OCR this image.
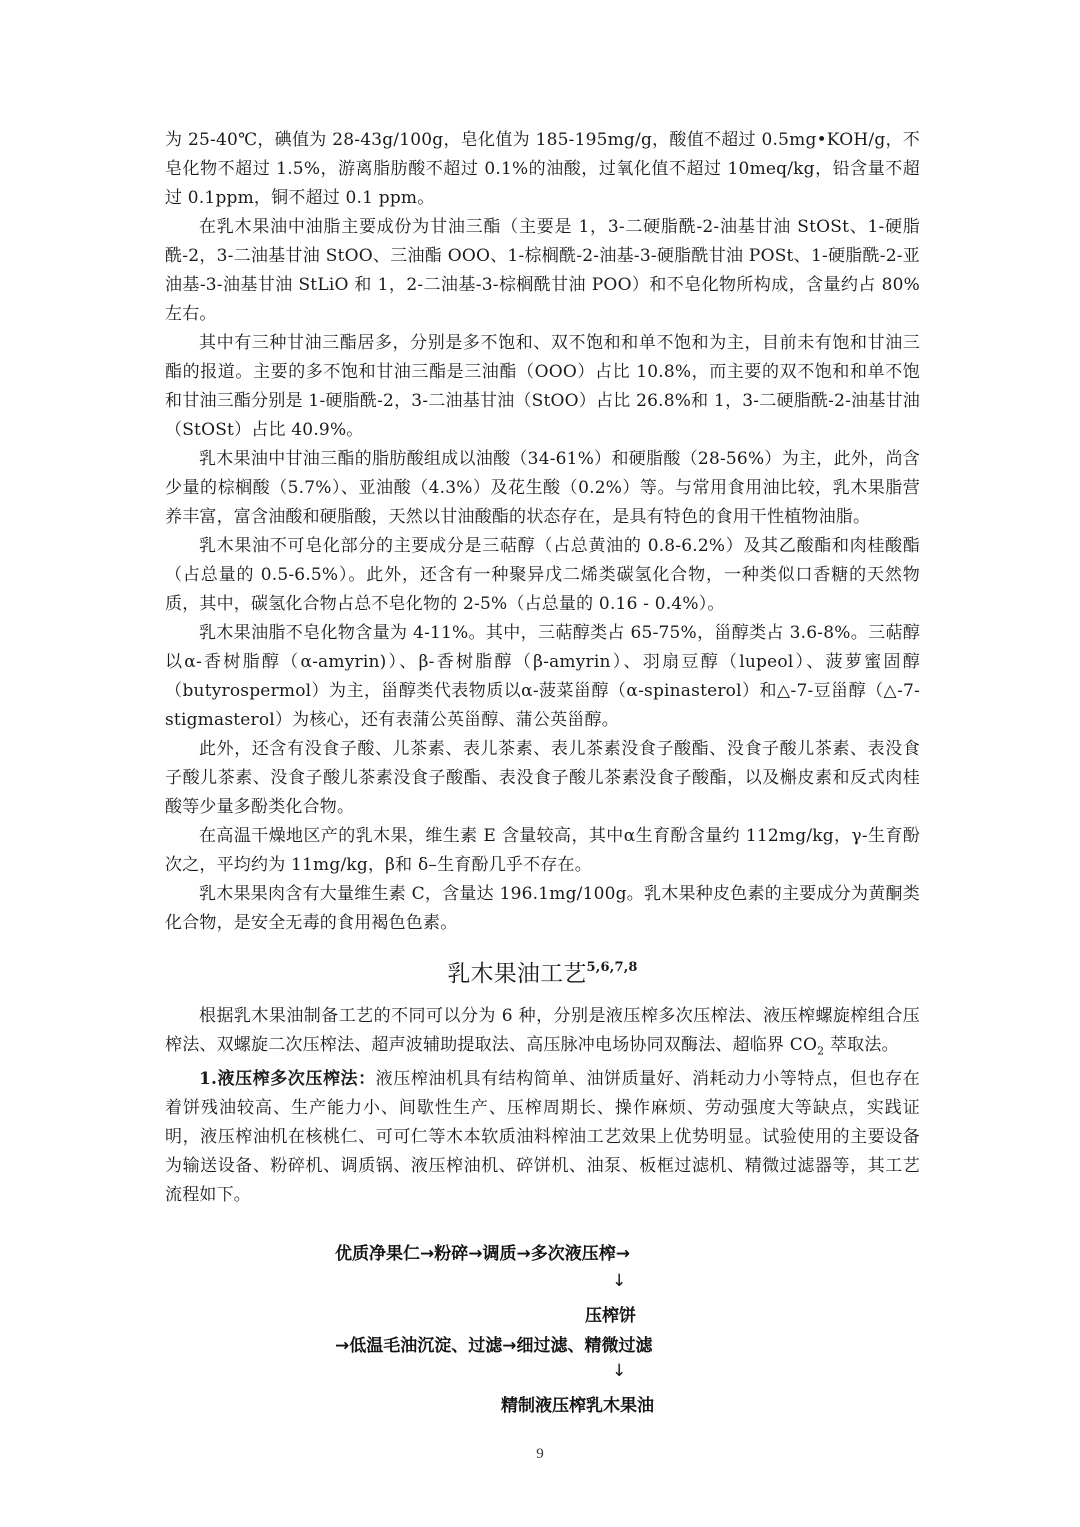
为 25-40℃，碘值为 28-43g/100g，皂化值为 185-195mg/g，酸值不超过 0.5mg•KOH/g，不皂化物不超过 1.5%，游离脂肪酸不超过 0.1%的油酸，过氧化值不超过 10meq/kg，铅含量不超过 0.1ppm，铜不超过 0.1 ppm。

在乳木果油中油脂主要成份为甘油三酯（主要是 1，3-二硬脂酰-2-油基甘油 StOSt、1-硬脂酰-2，3-二油基甘油 StOO、三油酯 OOO、1-棕榈酰-2-油基-3-硬脂酰甘油 POSt、1-硬脂酰-2-亚油基-3-油基甘油 StLiO 和 1，2-二油基-3-棕榈酰甘油 POO）和不皂化物所构成，含量约占 80%左右。

其中有三种甘油三酯居多，分别是多不饱和、双不饱和和单不饱和为主，目前未有饱和甘油三酯的报道。主要的多不饱和甘油三酯是三油酯（OOO）占比 10.8%，而主要的双不饱和和单不饱和甘油三酯分别是 1-硬脂酰-2，3-二油基甘油（StOO）占比 26.8%和 1，3-二硬脂酰-2-油基甘油（StOSt）占比 40.9%。

乳木果油中甘油三酯的脂肪酸组成以油酸（34-61%）和硬脂酸（28-56%）为主，此外，尚含少量的棕榈酸（5.7%）、亚油酸（4.3%）及花生酸（0.2%）等。与常用食用油比较，乳木果脂营养丰富，富含油酸和硬脂酸，天然以甘油酸酯的状态存在，是具有特色的食用干性植物油脂。

乳木果油不可皂化部分的主要成分是三萜醇（占总黄油的 0.8-6.2%）及其乙酸酯和肉桂酸酯（占总量的 0.5-6.5%）。此外，还含有一种聚异戊二烯类碳氢化合物，一种类似口香糖的天然物质，其中，碳氢化合物占总不皂化物的 2-5%（占总量的 0.16 - 0.4%）。

乳木果油脂不皂化物含量为 4-11%。其中，三萜醇类占 65-75%，甾醇类占 3.6-8%。三萜醇以α-香树脂醇（α-amyrin)）、β-香树脂醇（β-amyrin）、羽扇豆醇（lupeol）、菠萝蜜固醇（butyrospermol）为主，甾醇类代表物质以α-菠菜甾醇（α-spinasterol）和△-7-豆甾醇（△-7-stigmasterol）为核心，还有表蒲公英甾醇、蒲公英甾醇。

此外，还含有没食子酸、儿茶素、表儿茶素、表儿茶素没食子酸酯、没食子酸儿茶素、表没食子酸儿茶素、没食子酸儿茶素没食子酸酯、表没食子酸儿茶素没食子酸酯，以及槲皮素和反式肉桂酸等少量多酚类化合物。

在高温干燥地区产的乳木果，维生素 E 含量较高，其中α生育酚含量约 112mg/kg，γ-生育酚次之，平均约为 11mg/kg，β和 δ–生育酚几乎不存在。

乳木果果肉含有大量维生素 C，含量达 196.1mg/100g。乳木果种皮色素的主要成分为黄酮类化合物，是安全无毒的食用褐色色素。

乳木果油工艺$^{5,6,7,8}$

根据乳木果油制备工艺的不同可以分为 6 种，分别是液压榨多次压榨法、液压榨螺旋榨组合压榨法、双螺旋二次压榨法、超声波辅助提取法、高压脉冲电场协同双酶法、超临界 $CO_2$ 萃取法。

1.液压榨多次压榨法：液压榨油机具有结构简单、油饼质量好、消耗动力小等特点，但也存在着饼残油较高、生产能力小、间歇性生产、压榨周期长、操作麻烦、劳动强度大等缺点，实践证明，液压榨油机在核桃仁、可可仁等木本软质油料榨油工艺效果上优势明显。试验使用的主要设备为输送设备、粉碎机、调质锅、液压榨油机、碎饼机、油泵、板框过滤机、精微过滤器等，其工艺流程如下。

优质净果仁→粉碎→调质→多次液压榨→
↓
压榨饼
→低温毛油沉淀、过滤→细过滤、精微过滤
↓
精制液压榨乳木果油
9
